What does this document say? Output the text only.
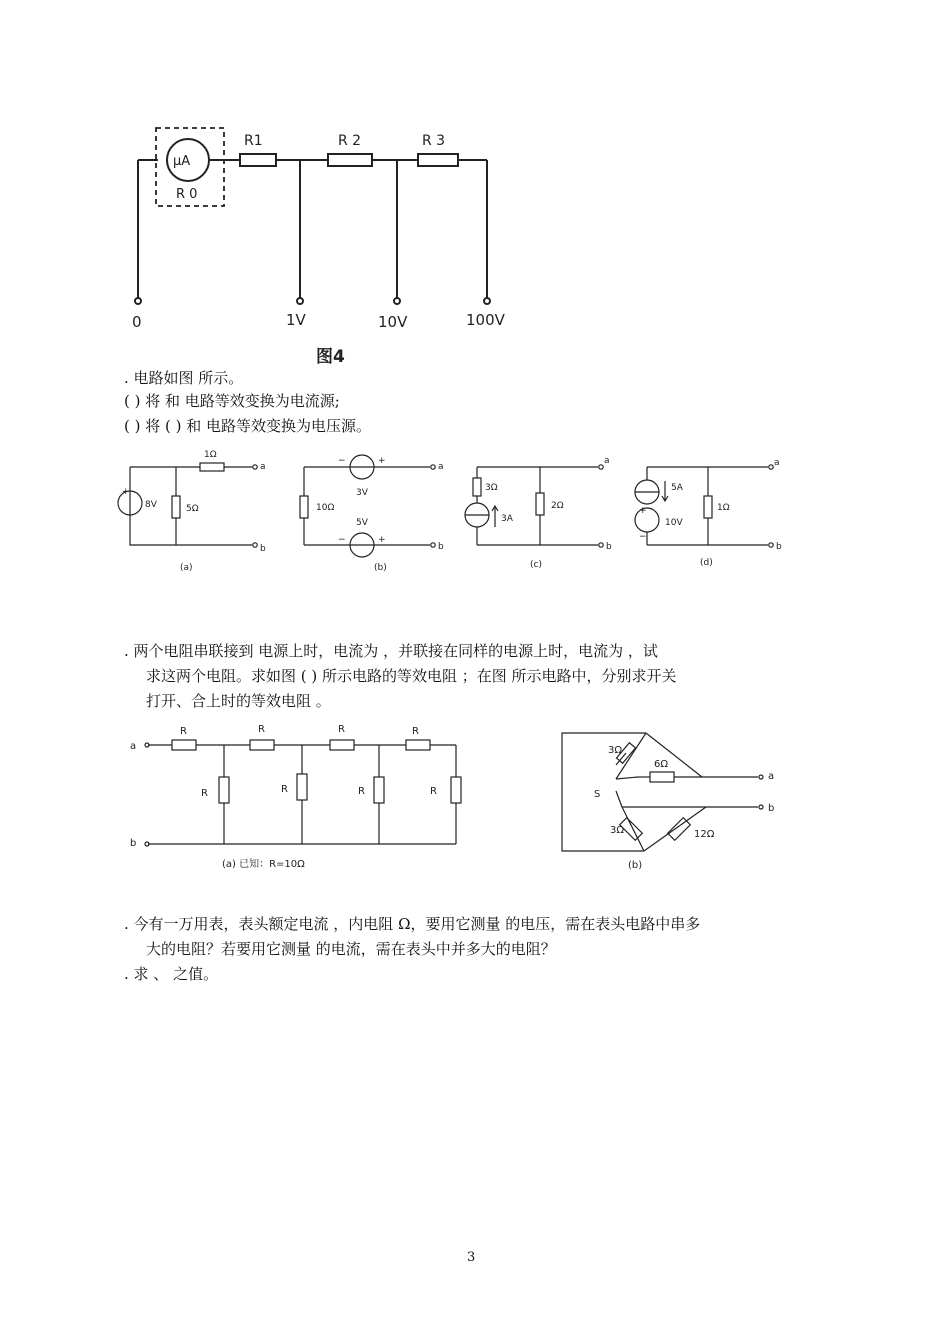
μA
R 0
R1	R 2	R 3
0	1V	10V	100V
图4
. 电路如图 所示。
( ) 将 和 电路等效变换为电流源;
( ) 将 ( ) 和 电路等效变换为电压源。
1Ω
8V	5Ω
a
b
(a)
3V
5V
10Ω
a
b
(b)
3Ω
3A
2Ω
a
b
(c)
5A
10V
1Ω
a
b
(d)
+
−	+
−	+
+
−
. 两个电阻串联接到 电源上时，电流为 ，并联接在同样的电源上时，电流为 ，试
求这两个电阻。求如图 ( ) 所示电路的等效电阻 ；在图 所示电路中，分别求开关
打开、合上时的等效电阻 。
a
b
R	R	R	R
R	R	R	R
(a) 已知：R=10Ω
3Ω
6Ω
3Ω	12Ω
S
a
b
(b)
. 今有一万用表，表头额定电流 ，内电阻 Ω，要用它测量 的电压，需在表头电路中串多
大的电阻？若要用它测量 的电流，需在表头中并多大的电阻？
. 求 、 之值。
3
